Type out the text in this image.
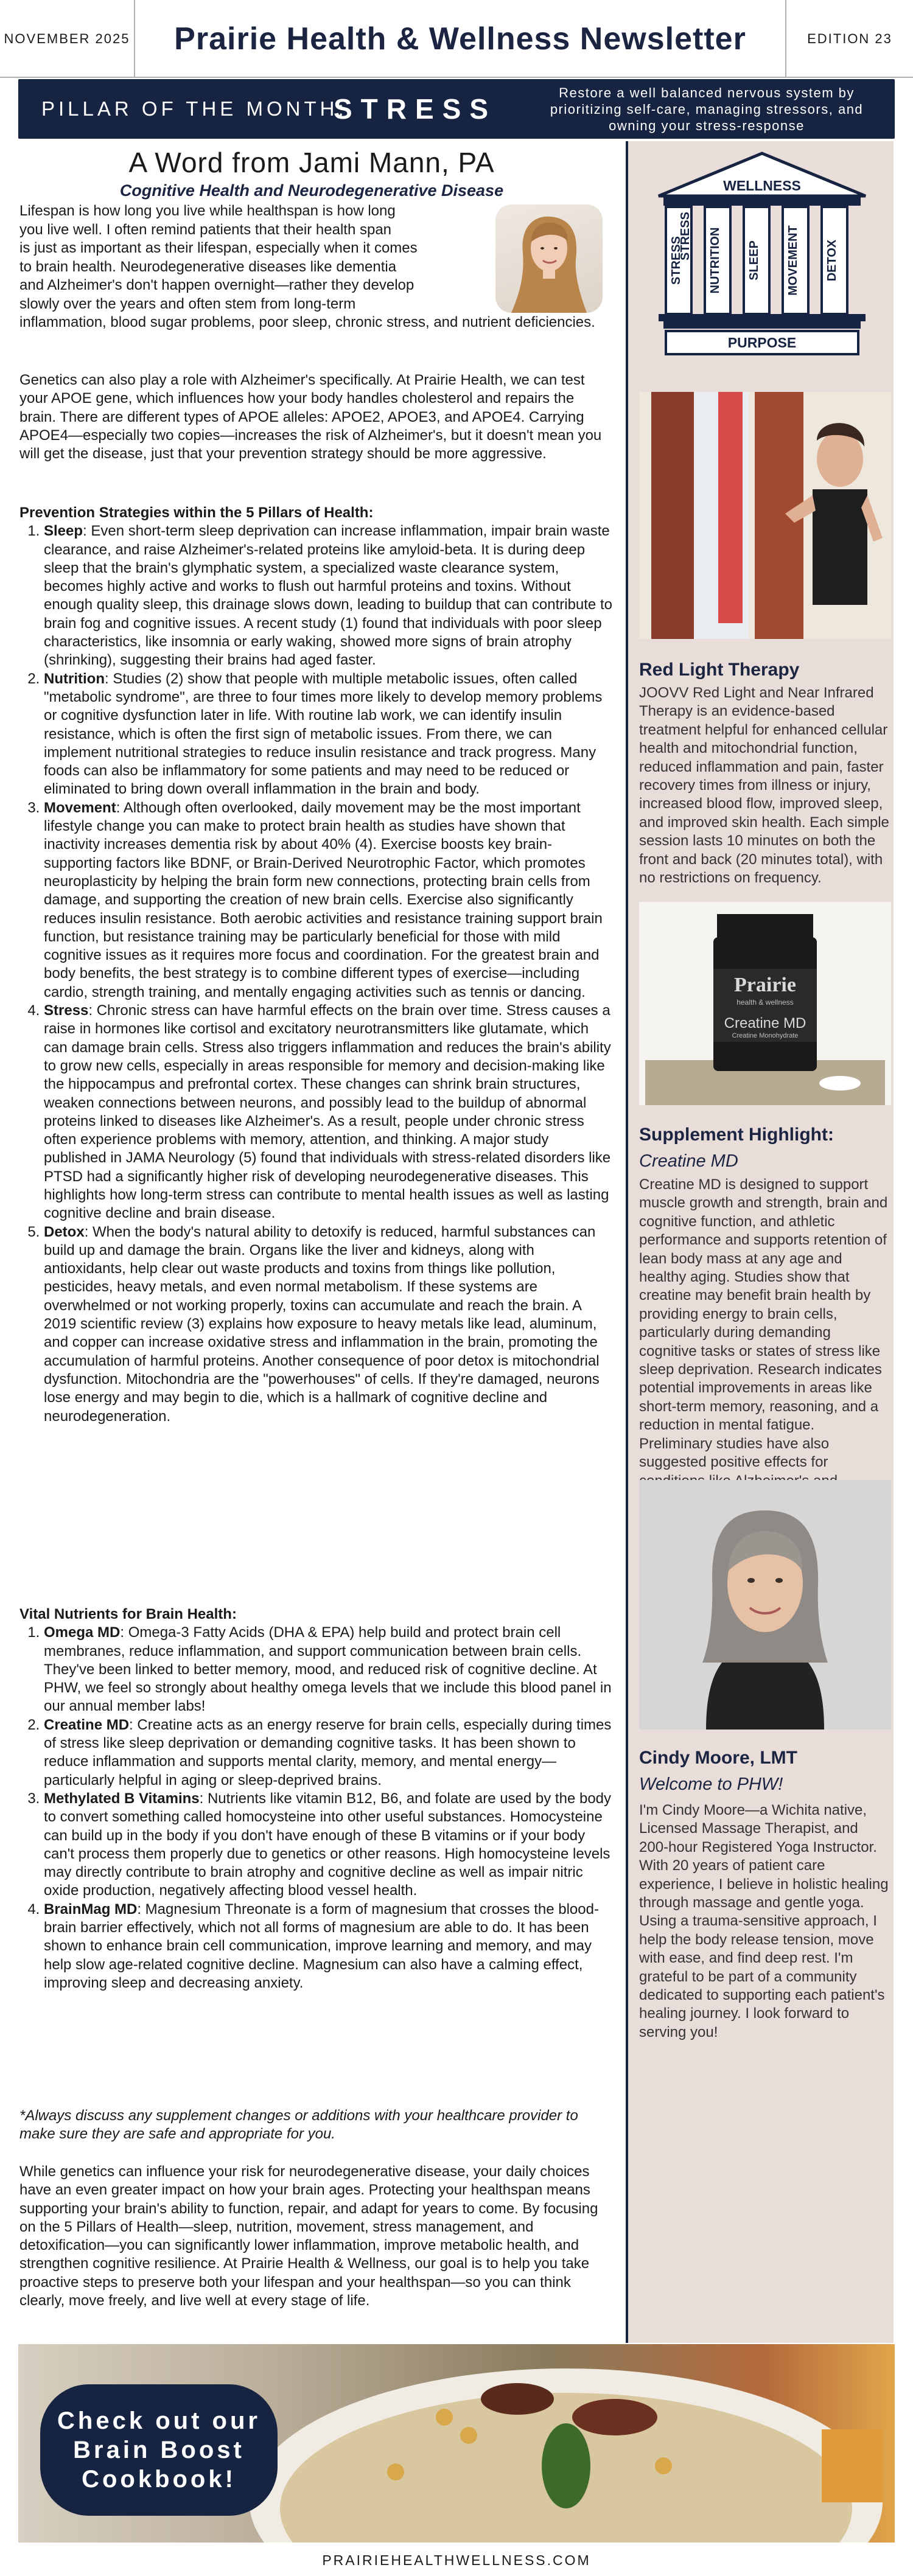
NOVEMBER 2025	Prairie Health & Wellness Newsletter	EDITION 23
PILLAR OF THE MONTH:
STRESS
Restore a well balanced nervous system by prioritizing self-care, managing stressors, and owning your stress-response
A Word from Jami Mann, PA
Cognitive Health and Neurodegenerative Disease
Lifespan is how long you live while healthspan is how long
you live well. I often remind patients that their health span
is just as important as their lifespan, especially when it comes
to brain health. Neurodegenerative diseases like dementia
and Alzheimer's don't happen overnight—rather they develop
slowly over the years and often stem from long-term
inflammation, blood sugar problems, poor sleep, chronic stress, and nutrient deficiencies.
Genetics can also play a role with Alzheimer's specifically. At Prairie Health, we can test your APOE gene, which influences how your body handles cholesterol and repairs the brain. There are different types of APOE alleles: APOE2, APOE3, and APOE4. Carrying APOE4—especially two copies—increases the risk of Alzheimer's, but it doesn't mean you will get the disease, just that your prevention strategy should be more aggressive.
Prevention Strategies within the 5 Pillars of Health:
1. Sleep: Even short-term sleep deprivation can increase inflammation, impair brain waste clearance, and raise Alzheimer's-related proteins like amyloid-beta. It is during deep sleep that the brain's glymphatic system, a specialized waste clearance system, becomes highly active and works to flush out harmful proteins and toxins. Without enough quality sleep, this drainage slows down, leading to buildup that can contribute to brain fog and cognitive issues. A recent study (1) found that individuals with poor sleep characteristics, like insomnia or early waking, showed more signs of brain atrophy (shrinking), suggesting their brains had aged faster.
2. Nutrition: Studies (2) show that people with multiple metabolic issues, often called "metabolic syndrome", are three to four times more likely to develop memory problems or cognitive dysfunction later in life. With routine lab work, we can identify insulin resistance, which is often the first sign of metabolic issues. From there, we can implement nutritional strategies to reduce insulin resistance and track progress. Many foods can also be inflammatory for some patients and may need to be reduced or eliminated to bring down overall inflammation in the brain and body.
3. Movement: Although often overlooked, daily movement may be the most important lifestyle change you can make to protect brain health as studies have shown that inactivity increases dementia risk by about 40% (4). Exercise boosts key brain-supporting factors like BDNF, or Brain-Derived Neurotrophic Factor, which promotes neuroplasticity by helping the brain form new connections, protecting brain cells from damage, and supporting the creation of new brain cells. Exercise also significantly reduces insulin resistance. Both aerobic activities and resistance training support brain function, but resistance training may be particularly beneficial for those with mild cognitive issues as it requires more focus and coordination. For the greatest brain and body benefits, the best strategy is to combine different types of exercise—including cardio, strength training, and mentally engaging activities such as tennis or dancing.
4. Stress: Chronic stress can have harmful effects on the brain over time. Stress causes a raise in hormones like cortisol and excitatory neurotransmitters like glutamate, which can damage brain cells. Stress also triggers inflammation and reduces the brain's ability to grow new cells, especially in areas responsible for memory and decision-making like the hippocampus and prefrontal cortex. These changes can shrink brain structures, weaken connections between neurons, and possibly lead to the buildup of abnormal proteins linked to diseases like Alzheimer's. As a result, people under chronic stress often experience problems with memory, attention, and thinking. A major study published in JAMA Neurology (5) found that individuals with stress-related disorders like PTSD had a significantly higher risk of developing neurodegenerative diseases. This highlights how long-term stress can contribute to mental health issues as well as lasting cognitive decline and brain disease.
5. Detox: When the body's natural ability to detoxify is reduced, harmful substances can build up and damage the brain. Organs like the liver and kidneys, along with antioxidants, help clear out waste products and toxins from things like pollution, pesticides, heavy metals, and even normal metabolism. If these systems are overwhelmed or not working properly, toxins can accumulate and reach the brain. A 2019 scientific review (3) explains how exposure to heavy metals like lead, aluminum, and copper can increase oxidative stress and inflammation in the brain, promoting the accumulation of harmful proteins. Another consequence of poor detox is mitochondrial dysfunction. Mitochondria are the "powerhouses" of cells. If they're damaged, neurons lose energy and may begin to die, which is a hallmark of cognitive decline and neurodegeneration.
Vital Nutrients for Brain Health:
1. Omega MD: Omega-3 Fatty Acids (DHA & EPA) help build and protect brain cell membranes, reduce inflammation, and support communication between brain cells. They've been linked to better memory, mood, and reduced risk of cognitive decline. At PHW, we feel so strongly about healthy omega levels that we include this blood panel in our annual member labs!
2. Creatine MD: Creatine acts as an energy reserve for brain cells, especially during times of stress like sleep deprivation or demanding cognitive tasks. It has been shown to reduce inflammation and supports mental clarity, memory, and mental energy—particularly helpful in aging or sleep-deprived brains.
3. Methylated B Vitamins: Nutrients like vitamin B12, B6, and folate are used by the body to convert something called homocysteine into other useful substances. Homocysteine can build up in the body if you don't have enough of these B vitamins or if your body can't process them properly due to genetics or other reasons. High homocysteine levels may directly contribute to brain atrophy and cognitive decline as well as impair nitric oxide production, negatively affecting blood vessel health.
4. BrainMag MD: Magnesium Threonate is a form of magnesium that crosses the blood-brain barrier effectively, which not all forms of magnesium are able to do. It has been shown to enhance brain cell communication, improve learning and memory, and may help slow age-related cognitive decline. Magnesium can also have a calming effect, improving sleep and decreasing anxiety.
*Always discuss any supplement changes or additions with your healthcare provider to make sure they are safe and appropriate for you.
While genetics can influence your risk for neurodegenerative disease, your daily choices have an even greater impact on how your brain ages. Protecting your healthspan means supporting your brain's ability to function, repair, and adapt for years to come. By focusing on the 5 Pillars of Health—sleep, nutrition, movement, stress management, and detoxification—you can significantly lower inflammation, improve metabolic health, and strengthen cognitive resilience. At Prairie Health & Wellness, our goal is to help you take proactive steps to preserve both your lifespan and your healthspan—so you can think clearly, move freely, and live well at every stage of life.
WELLNESS
PURPOSE
Red Light Therapy
JOOVV Red Light and Near Infrared Therapy is an evidence-based treatment helpful for enhanced cellular health and mitochondrial function, reduced inflammation and pain, faster recovery times from illness or injury, increased blood flow, improved sleep, and improved skin health. Each simple session lasts 10 minutes on both the front and back (20 minutes total), with no restrictions on frequency.
Prairie
health & wellness
Creatine MD
Creatine Monohydrate
Supplement Highlight:
Creatine MD
Creatine MD is designed to support muscle growth and strength, brain and cognitive function, and athletic performance and supports retention of lean body mass at any age and healthy aging. Studies show that creatine may benefit brain health by providing energy to brain cells, particularly during demanding cognitive tasks or states of stress like sleep deprivation. Research indicates potential improvements in areas like short-term memory, reasoning, and a reduction in mental fatigue. Preliminary studies have also suggested positive effects for
Cindy Moore, LMT
Welcome to PHW!
I'm Cindy Moore—a Wichita native, Licensed Massage Therapist, and 200-hour Registered Yoga Instructor. With 20 years of patient care experience, I believe in holistic healing through massage and gentle yoga. Using a trauma-sensitive approach, I help the body release tension, move with ease, and find deep rest. I'm grateful to be part of a community dedicated to supporting each patient's healing journey. I look forward to serving you!
STRESS	NUTRITION	SLEEP	MOVEMENT	DETOX
Check out our Brain Boost Cookbook!
PRAIRIEHEALTHWELLNESS.COM
